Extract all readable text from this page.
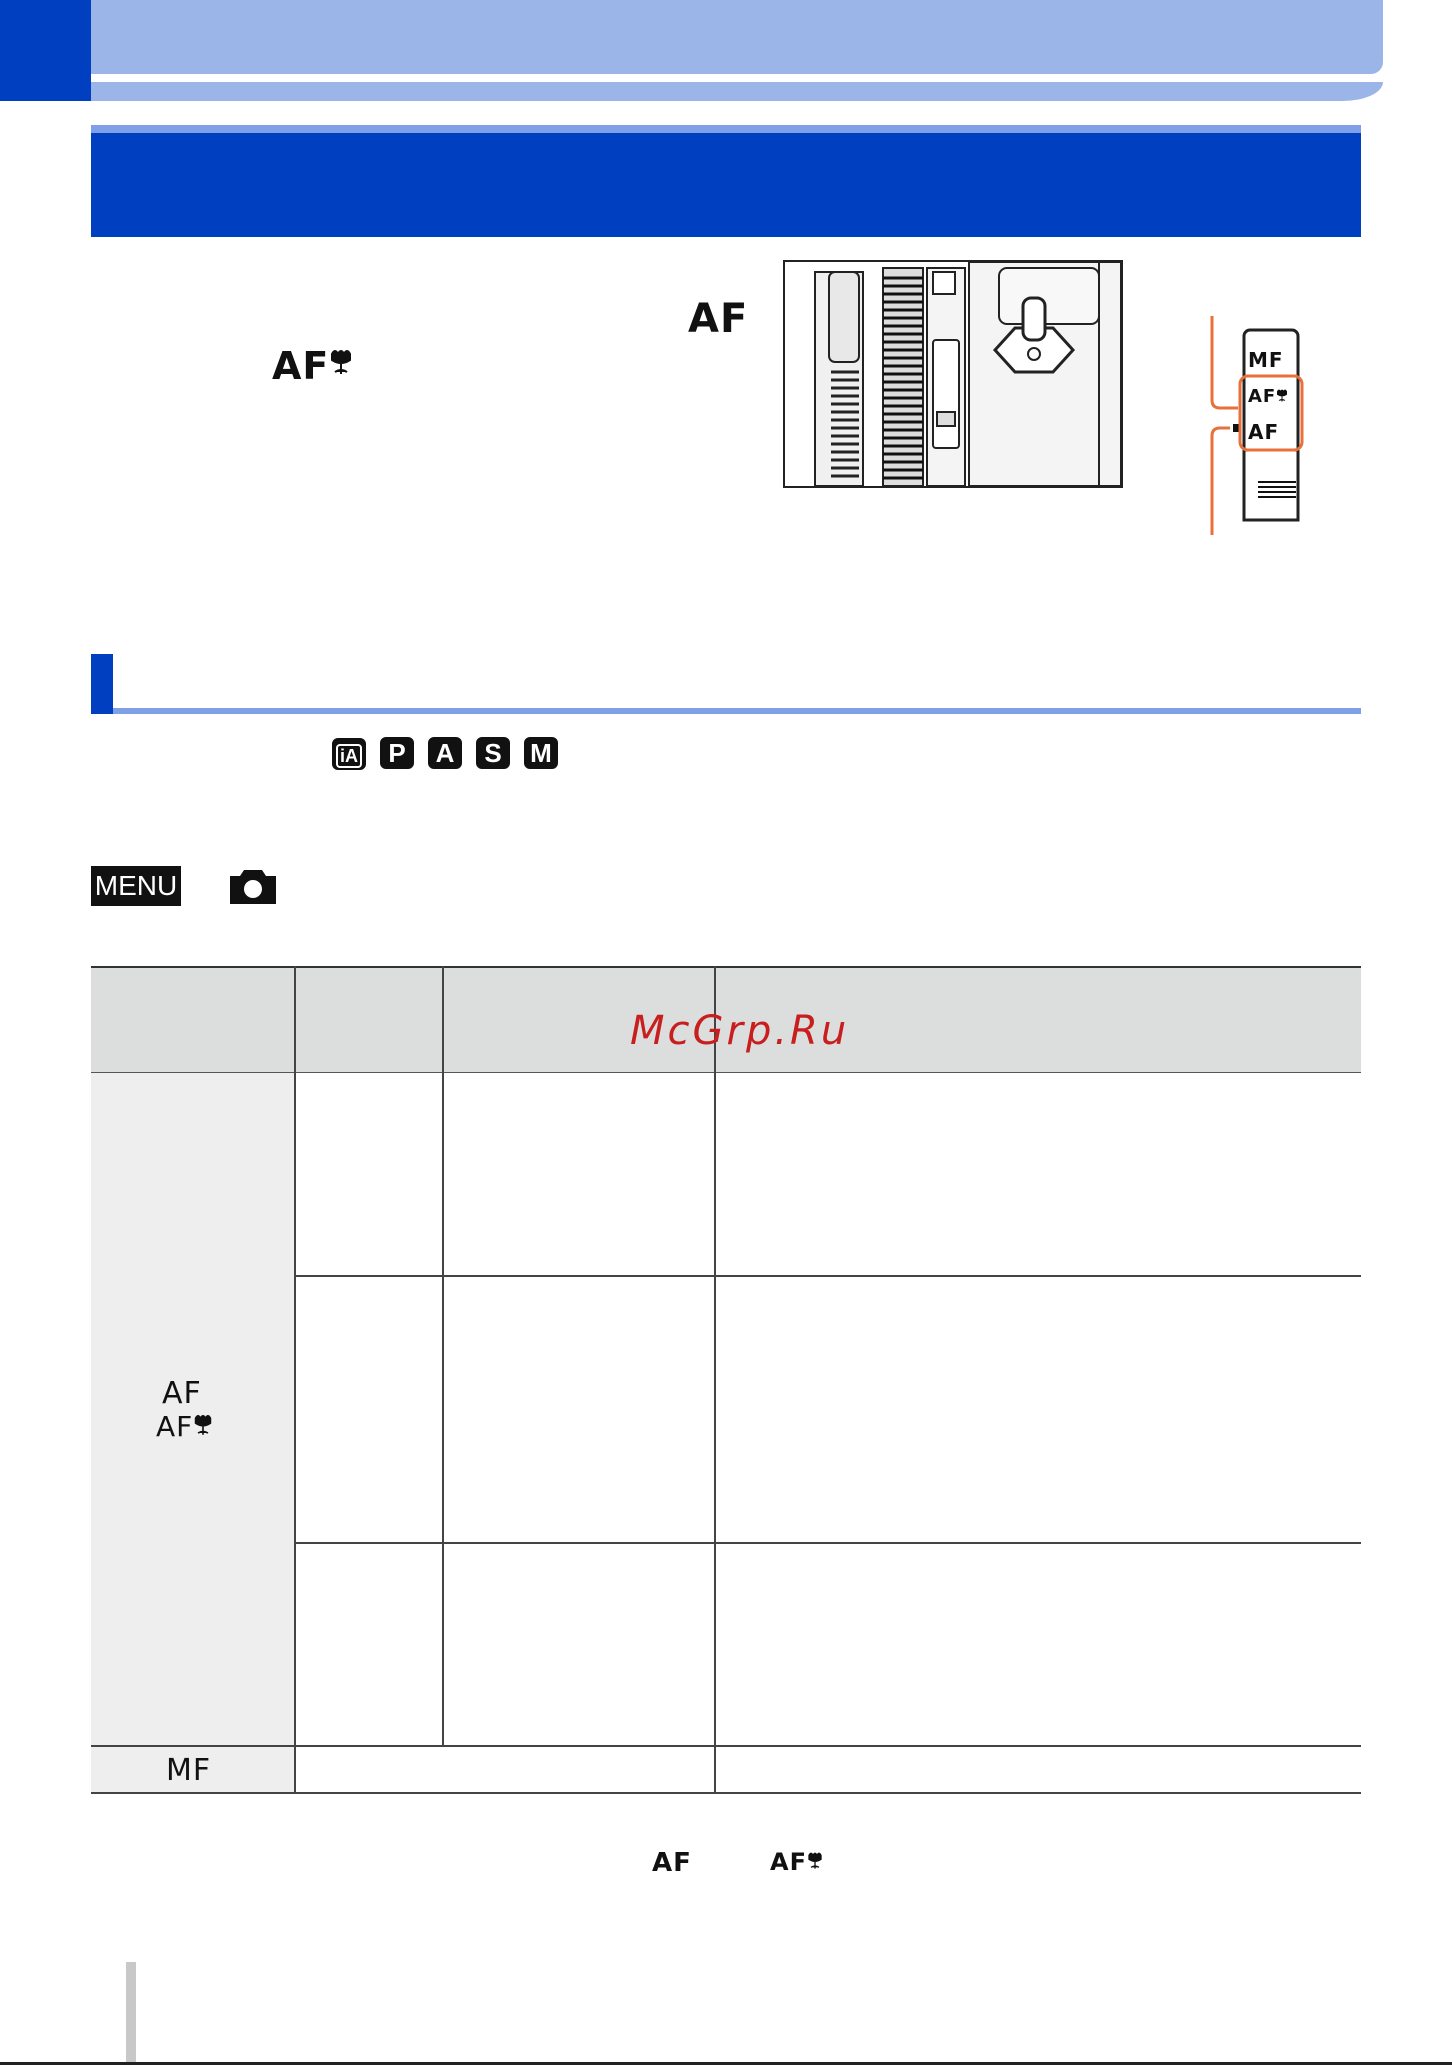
AF
AF	MF
AF
AF
iA P A S M
MENU
AF
AF
MF
McGrp.Ru
AF	AF
